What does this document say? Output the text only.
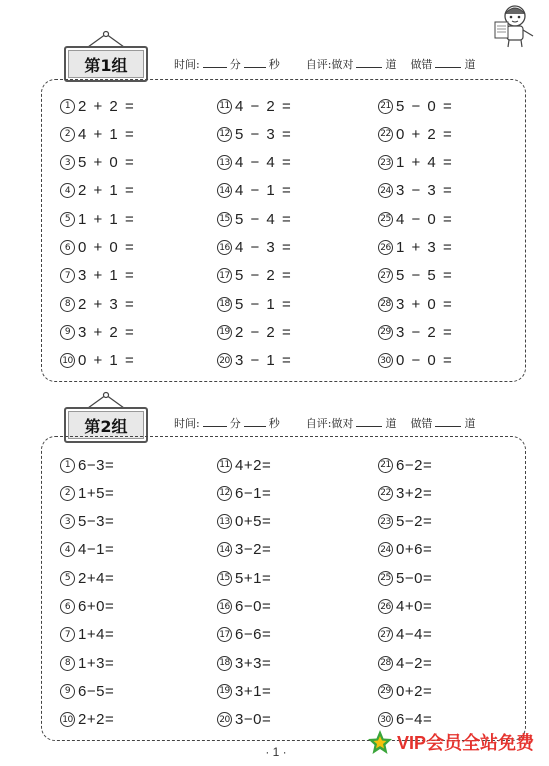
第1组	时间:	分	秒 自评:做对	道 做错	道
1 2 + 2 =
2 4 + 1 =
3 5 + 0 =
4 2 + 1 =
5 1 + 1 =
6 0 + 0 =
7 3 + 1 =
8 2 + 3 =
9 3 + 2 =
10 0 + 1 =
11 4 − 2 =
12 5 − 3 =
13 4 − 4 =
14 4 − 1 =
15 5 − 4 =
16 4 − 3 =
17 5 − 2 =
18 5 − 1 =
19 2 − 2 =
20 3 − 1 =
21 5 − 0 =
22 0 + 2 =
23 1 + 4 =
24 3 − 3 =
25 4 − 0 =
26 1 + 3 =
27 5 − 5 =
28 3 + 0 =
29 3 − 2 =
30 0 − 0 =
第2组	时间:	分	秒 自评:做对	道 做错	道
1 6−3=
2 1+5=
3 5−3=
4 4−1=
5 2+4=
6 6+0=
7 1+4=
8 1+3=
9 6−5=
10 2+2=
11 4+2=
12 6−1=
13 0+5=
14 3−2=
15 5+1=
16 6−0=
17 6−6=
18 3+3=
19 3+1=
20 3−0=
21 6−2=
22 3+2=
23 5−2=
24 0+6=
25 5−0=
26 4+0=
27 4−4=
28 4−2=
29 0+2=
30 6−4=
· 1 ·	VIP会员全站免费
